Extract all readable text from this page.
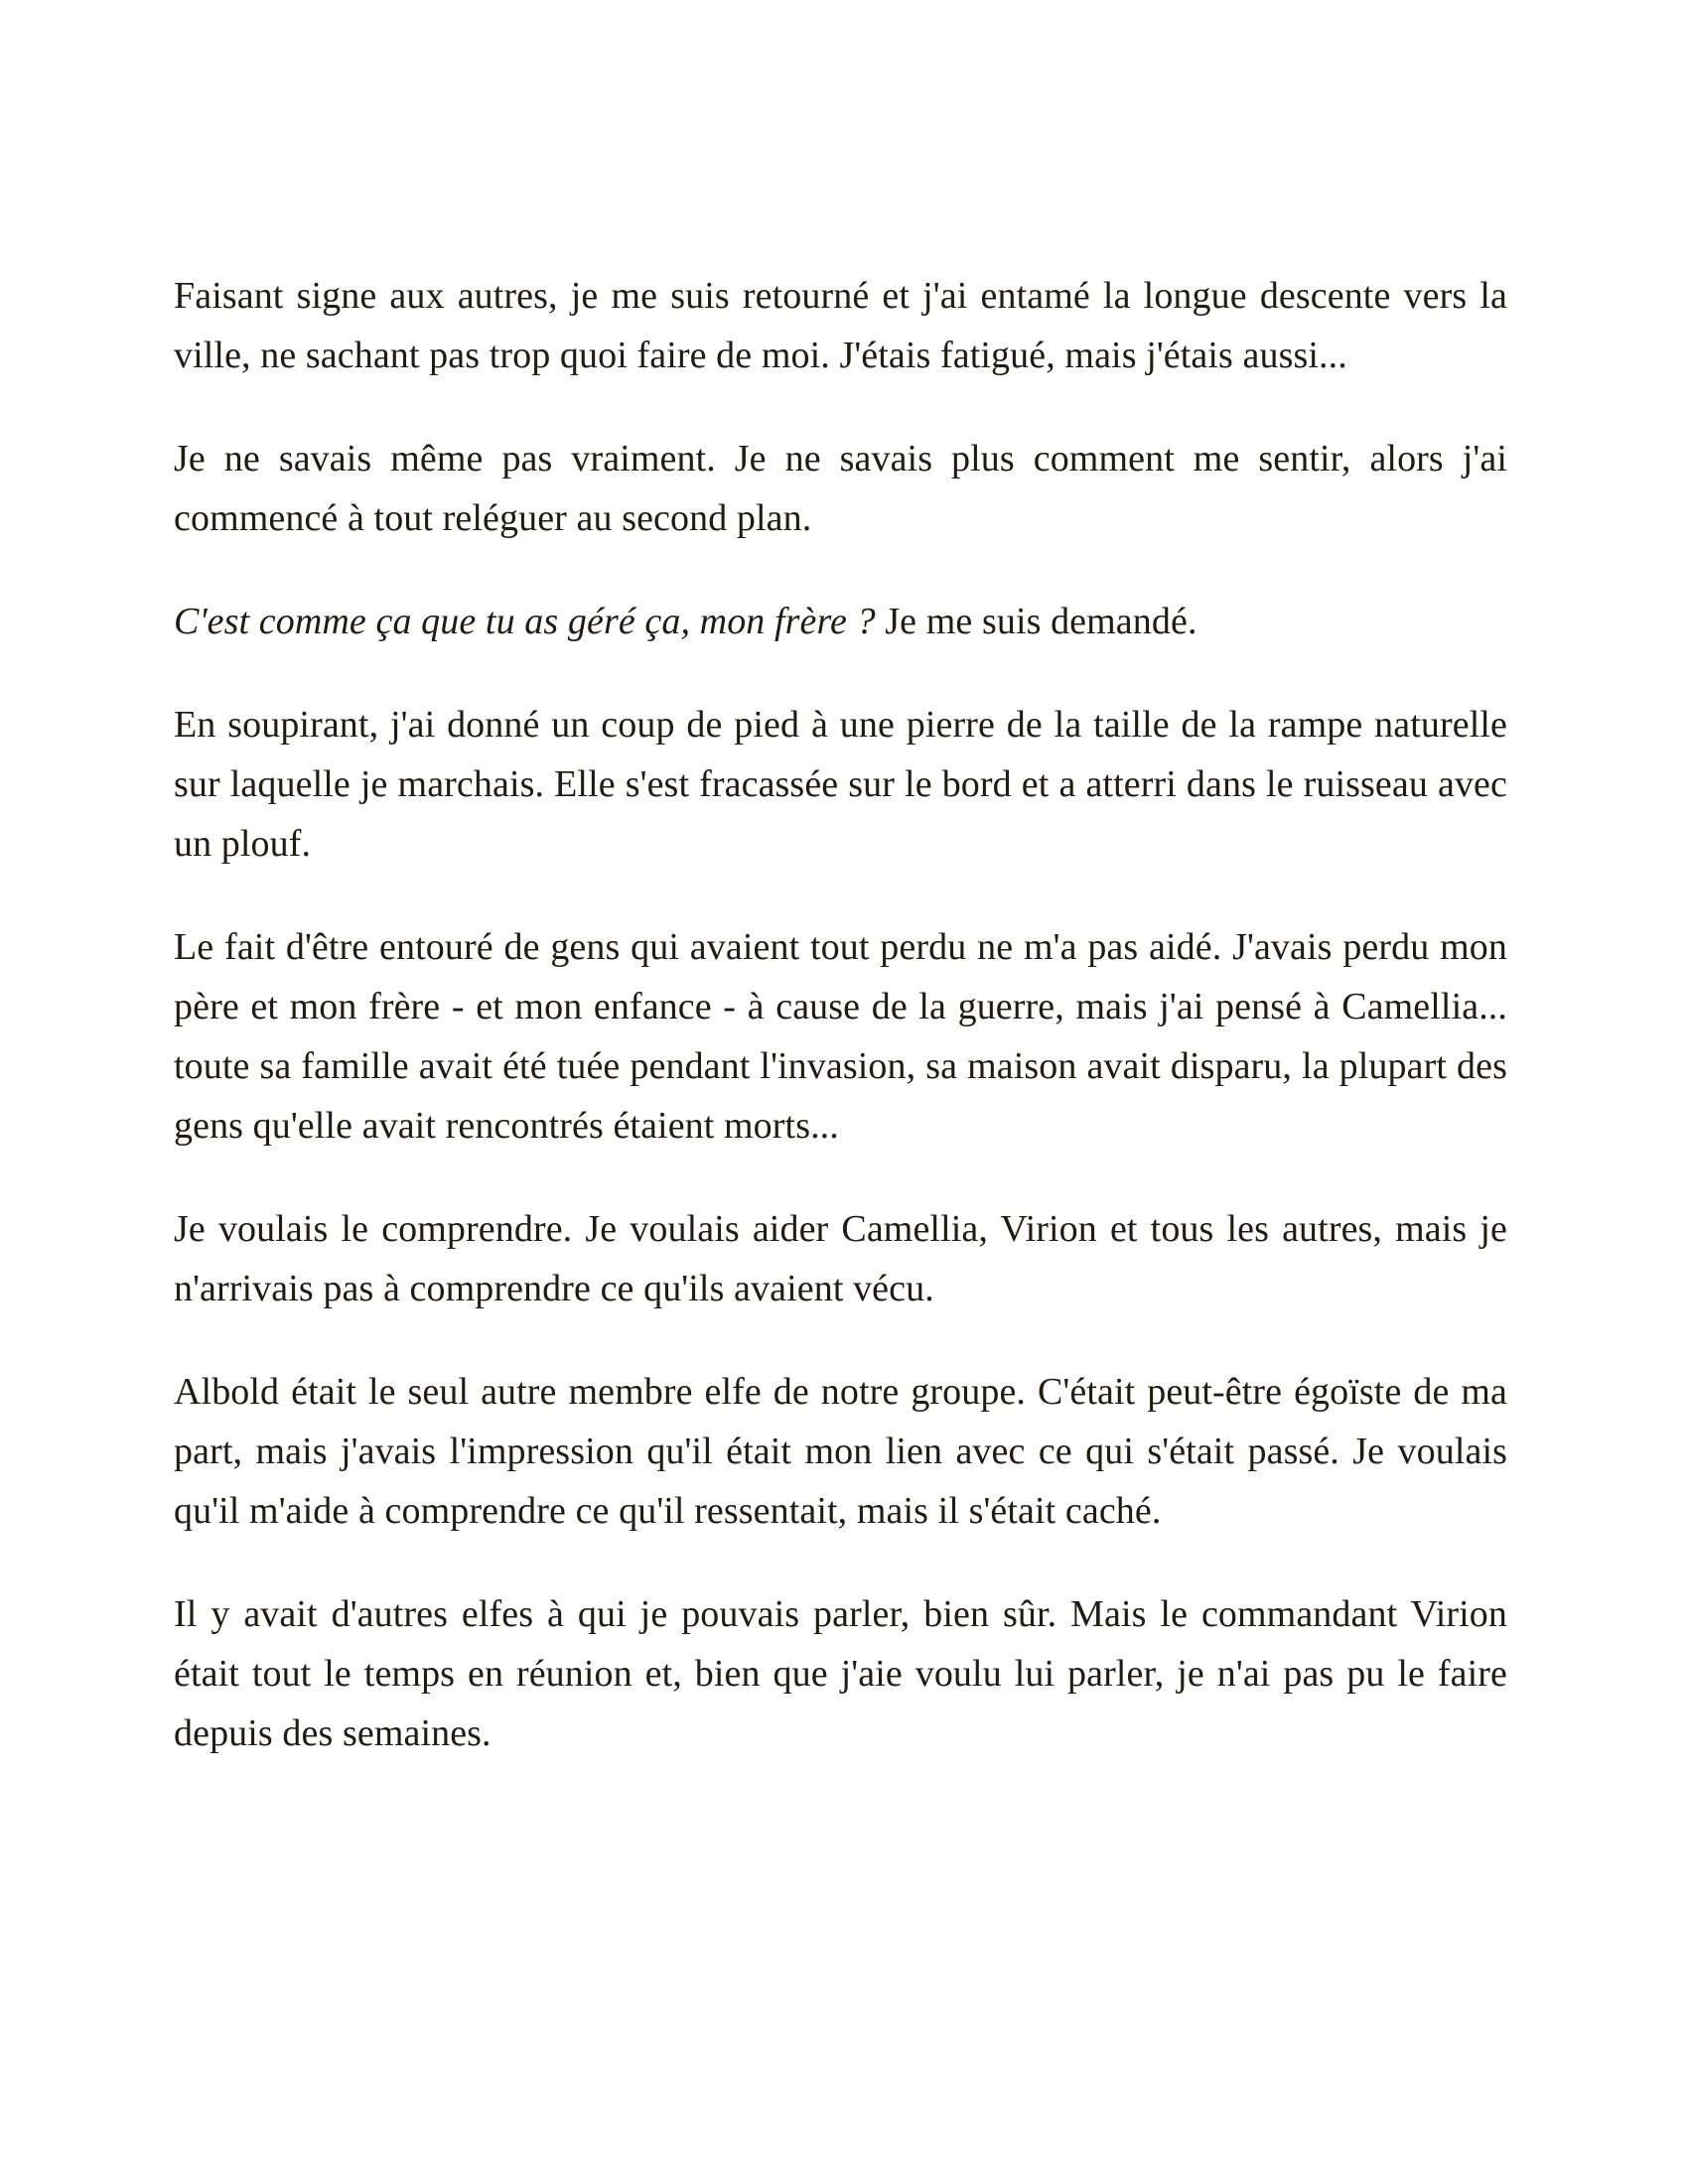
Faisant signe aux autres, je me suis retourné et j'ai entamé la longue descente vers la ville, ne sachant pas trop quoi faire de moi. J'étais fatigué, mais j'étais aussi...

Je ne savais même pas vraiment. Je ne savais plus comment me sentir, alors j'ai commencé à tout reléguer au second plan.

C'est comme ça que tu as géré ça, mon frère ? Je me suis demandé.

En soupirant, j'ai donné un coup de pied à une pierre de la taille de la rampe naturelle sur laquelle je marchais. Elle s'est fracassée sur le bord et a atterri dans le ruisseau avec un plouf.

Le fait d'être entouré de gens qui avaient tout perdu ne m'a pas aidé. J'avais perdu mon père et mon frère - et mon enfance - à cause de la guerre, mais j'ai pensé à Camellia... toute sa famille avait été tuée pendant l'invasion, sa maison avait disparu, la plupart des gens qu'elle avait rencontrés étaient morts...

Je voulais le comprendre. Je voulais aider Camellia, Virion et tous les autres, mais je n'arrivais pas à comprendre ce qu'ils avaient vécu.

Albold était le seul autre membre elfe de notre groupe. C'était peut-être égoïste de ma part, mais j'avais l'impression qu'il était mon lien avec ce qui s'était passé. Je voulais qu'il m'aide à comprendre ce qu'il ressentait, mais il s'était caché.

Il y avait d'autres elfes à qui je pouvais parler, bien sûr. Mais le commandant Virion était tout le temps en réunion et, bien que j'aie voulu lui parler, je n'ai pas pu le faire depuis des semaines.
